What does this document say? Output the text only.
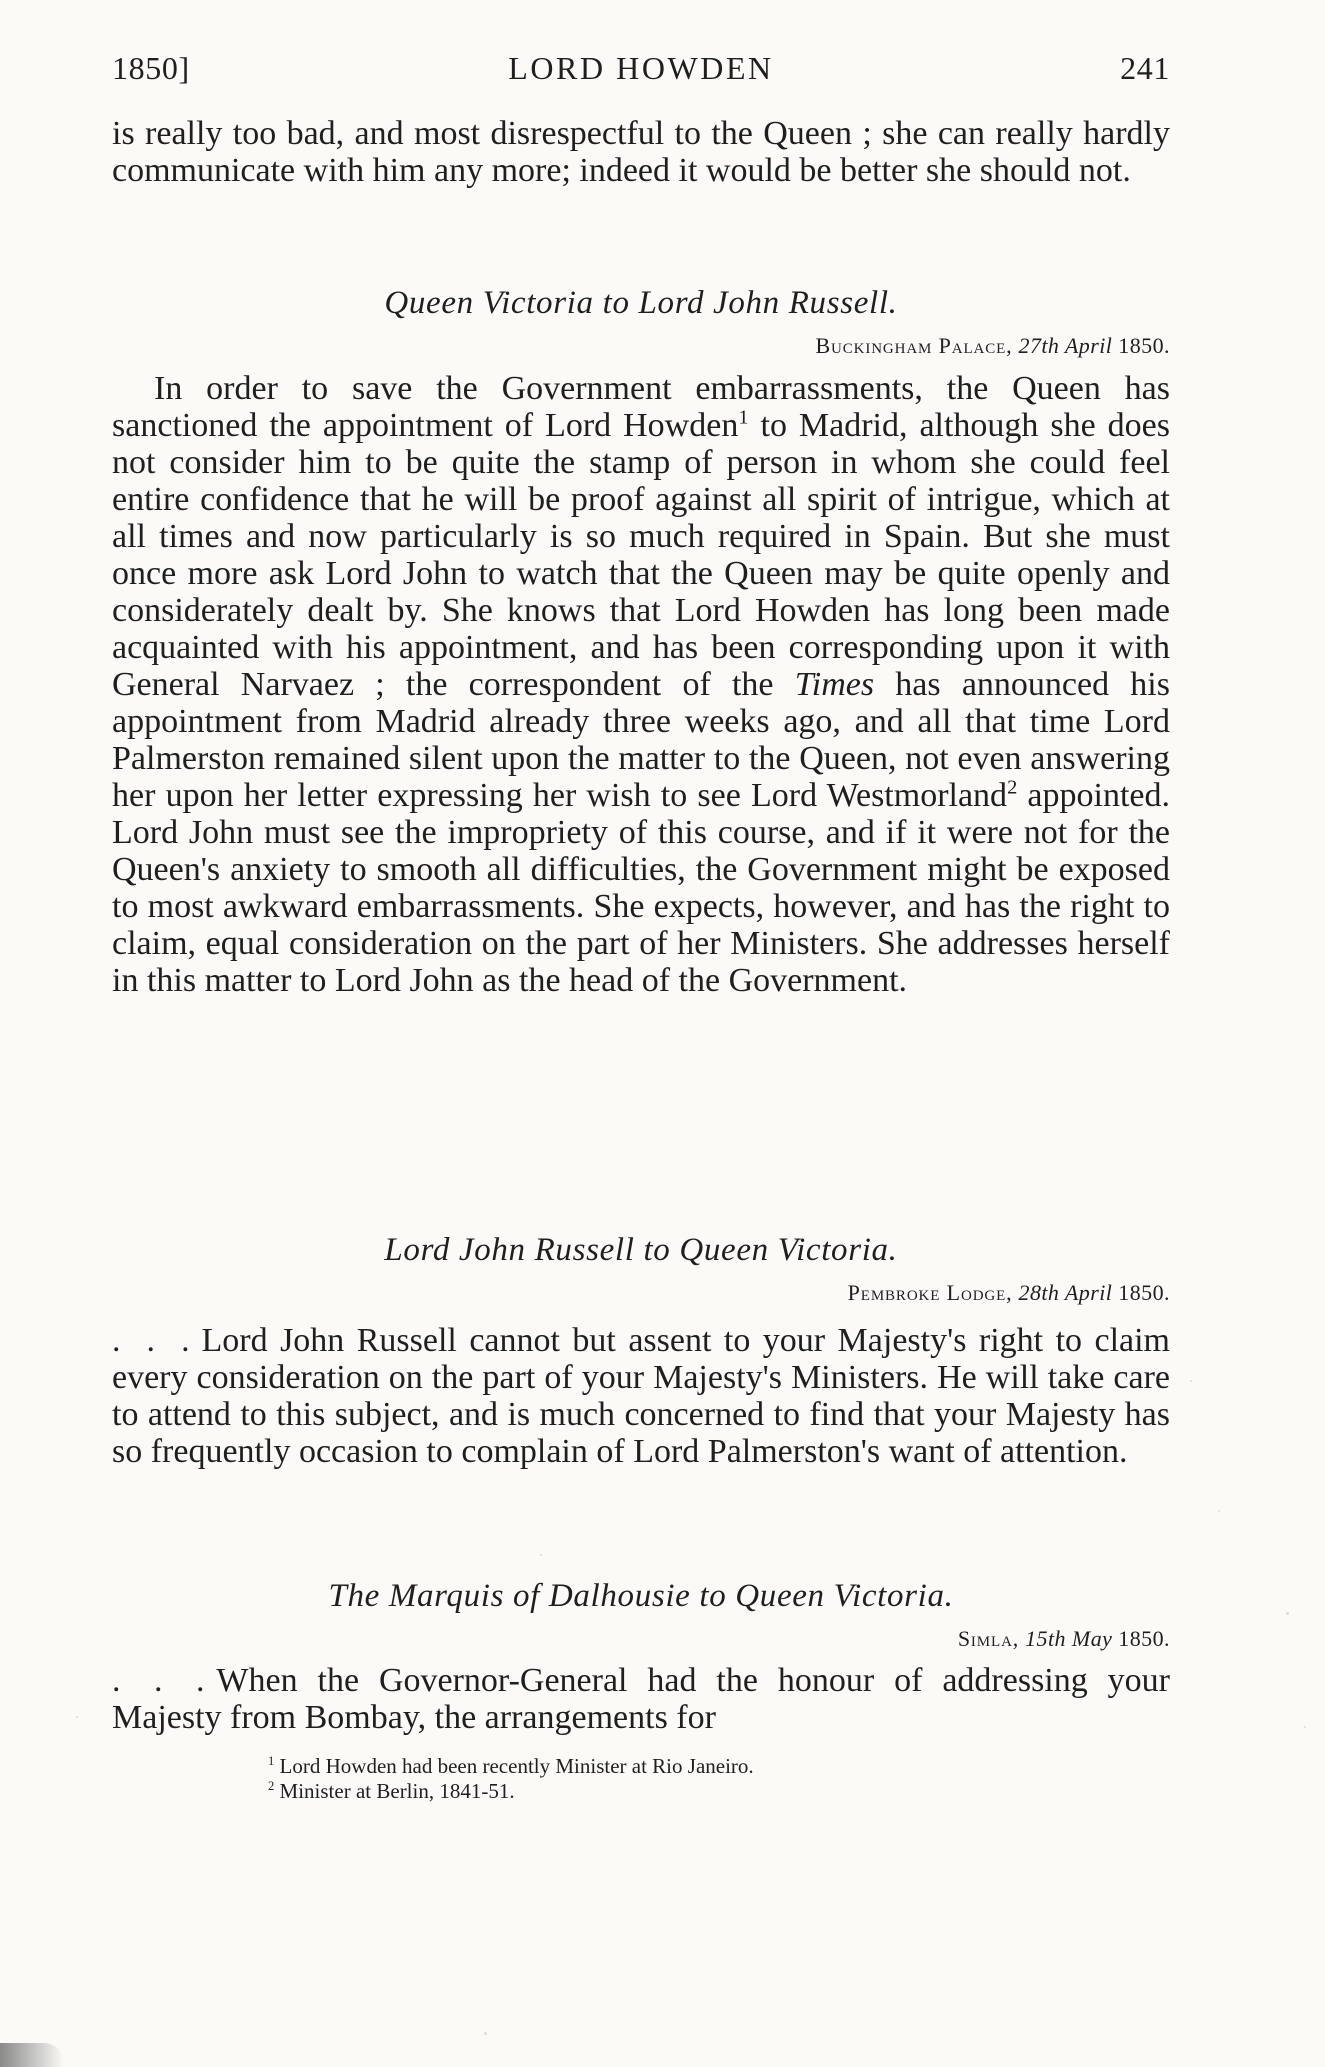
1850]	LORD HOWDEN	241
is really too bad, and most disrespectful to the Queen ; she can really hardly communicate with him any more; indeed it would be better she should not.
Queen Victoria to Lord John Russell.
Buckingham Palace, 27th April 1850.
In order to save the Government embarrassments, the Queen has sanctioned the appointment of Lord Howden$^1$ to Madrid, although she does not consider him to be quite the stamp of person in whom she could feel entire confidence that he will be proof against all spirit of intrigue, which at all times and now particularly is so much required in Spain. But she must once more ask Lord John to watch that the Queen may be quite openly and considerately dealt by. She knows that Lord Howden has long been made acquainted with his appointment, and has been corresponding upon it with General Narvaez ; the correspondent of the Times has announced his appointment from Madrid already three weeks ago, and all that time Lord Palmerston remained silent upon the matter to the Queen, not even answering her upon her letter expressing her wish to see Lord Westmorland$^2$ appointed. Lord John must see the impropriety of this course, and if it were not for the Queen's anxiety to smooth all difficulties, the Government might be exposed to most awkward embarrassments. She expects, however, and has the right to claim, equal consideration on the part of her Ministers. She addresses herself in this matter to Lord John as the head of the Government.
Lord John Russell to Queen Victoria.
Pembroke Lodge, 28th April 1850.
. . . Lord John Russell cannot but assent to your Majesty's right to claim every consideration on the part of your Majesty's Ministers. He will take care to attend to this subject, and is much concerned to find that your Majesty has so frequently occasion to complain of Lord Palmerston's want of attention.
The Marquis of Dalhousie to Queen Victoria.
Simla, 15th May 1850.
. . . When the Governor-General had the honour of addressing your Majesty from Bombay, the arrangements for

$^1$ Lord Howden had been recently Minister at Rio Janeiro.

$^2$ Minister at Berlin, 1841-51.
